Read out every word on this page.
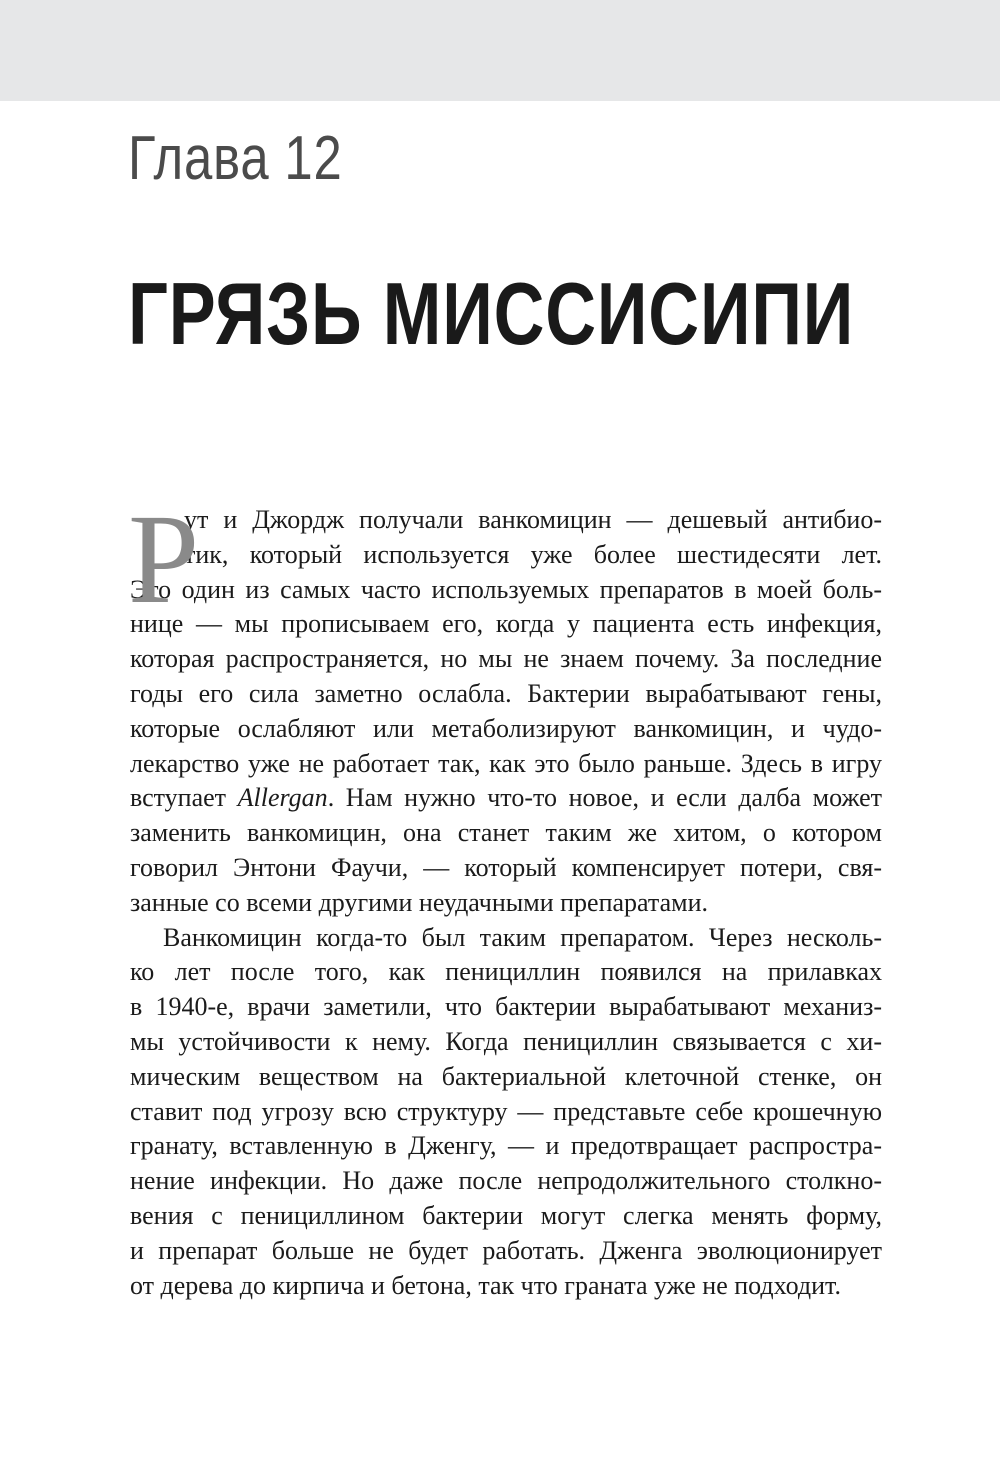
Глава 12
ГРЯЗЬ МИССИСИПИ
Р

ут и Джордж получали ванкомицин — дешевый антибио-
тик, который используется уже более шестидесяти лет.
Это один из самых часто используемых препаратов в моей боль-
нице — мы прописываем его, когда у пациента есть инфекция,
которая распространяется, но мы не знаем почему. За последние
годы его сила заметно ослабла. Бактерии вырабатывают гены,
которые ослабляют или метаболизируют ванкомицин, и чудо-
лекарство уже не работает так, как это было раньше. Здесь в игру
вступает Allergan. Нам нужно что-то новое, и если далба может
заменить ванкомицин, она станет таким же хитом, о котором
говорил Энтони Фаучи, — который компенсирует потери, свя-
занные со всеми другими неудачными препаратами.

Ванкомицин когда-то был таким препаратом. Через несколь-
ко лет после того, как пенициллин появился на прилавках
в 1940-е, врачи заметили, что бактерии вырабатывают механиз-
мы устойчивости к нему. Когда пенициллин связывается с хи-
мическим веществом на бактериальной клеточной стенке, он
ставит под угрозу всю структуру — представьте себе крошечную
гранату, вставленную в Дженгу, — и предотвращает распростра-
нение инфекции. Но даже после непродолжительного столкно-
вения с пенициллином бактерии могут слегка менять форму,
и препарат больше не будет работать. Дженга эволюционирует
от дерева до кирпича и бетона, так что граната уже не подходит.
